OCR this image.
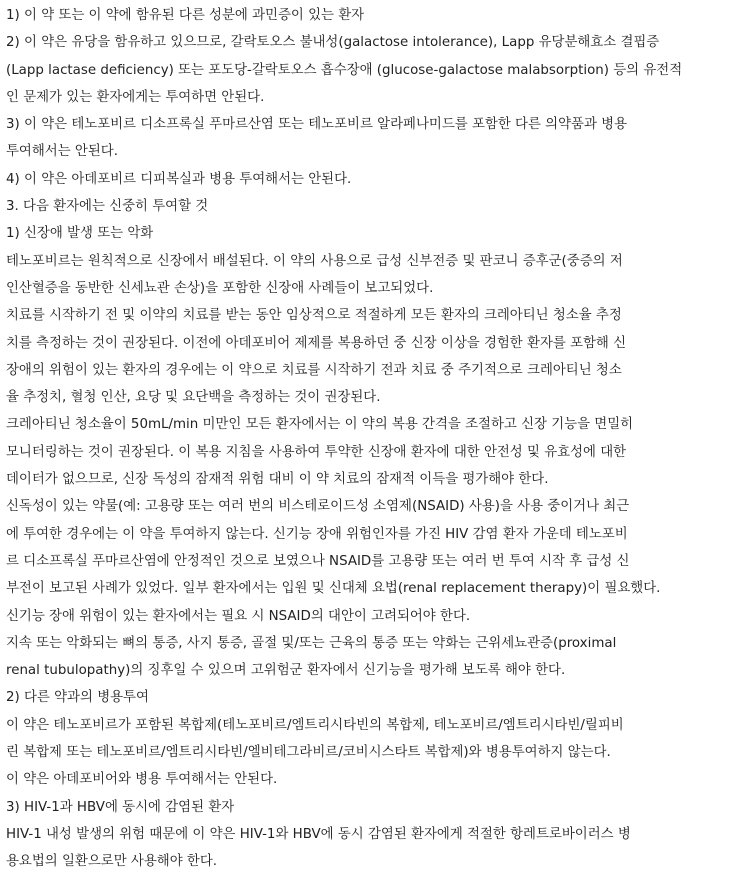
1) 이 약 또는 이 약에 함유된 다른 성분에 과민증이 있는 환자
2) 이 약은 유당을 함유하고 있으므로, 갈락토오스 불내성(galactose intolerance), Lapp 유당분해효소 결핍증
(Lapp lactase deficiency) 또는 포도당-갈락토오스 흡수장애 (glucose-galactose malabsorption) 등의 유전적
인 문제가 있는 환자에게는 투여하면 안된다.
3) 이 약은 테노포비르 디소프록실 푸마르산염 또는 테노포비르 알라페나미드를 포함한 다른 의약품과 병용
투여해서는 안된다.
4) 이 약은 아데포비르 디피복실과 병용 투여해서는 안된다.
3. 다음 환자에는 신중히 투여할 것
1) 신장애 발생 또는 악화
테노포비르는 원칙적으로 신장에서 배설된다. 이 약의 사용으로 급성 신부전증 및 판코니 증후군(중증의 저
인산혈증을 동반한 신세뇨관 손상)을 포함한 신장애 사례들이 보고되었다.
치료를 시작하기 전 및 이약의 치료를 받는 동안 임상적으로 적절하게 모든 환자의 크레아티닌 청소율 추정
치를 측정하는 것이 권장된다. 이전에 아데포비어 제제를 복용하던 중 신장 이상을 경험한 환자를 포함해 신
장애의 위험이 있는 환자의 경우에는 이 약으로 치료를 시작하기 전과 치료 중 주기적으로 크레아티닌 청소
율 추정치, 혈청 인산, 요당 및 요단백을 측정하는 것이 권장된다.
크레아티닌 청소율이 50mL/min 미만인 모든 환자에서는 이 약의 복용 간격을 조절하고 신장 기능을 면밀히
모니터링하는 것이 권장된다. 이 복용 지침을 사용하여 투약한 신장애 환자에 대한 안전성 및 유효성에 대한
데이터가 없으므로, 신장 독성의 잠재적 위험 대비 이 약 치료의 잠재적 이득을 평가해야 한다.
신독성이 있는 약물(예: 고용량 또는 여러 번의 비스테로이드성 소염제(NSAID) 사용)을 사용 중이거나 최근
에 투여한 경우에는 이 약을 투여하지 않는다. 신기능 장애 위험인자를 가진 HIV 감염 환자 가운데 테노포비
르 디소프록실 푸마르산염에 안정적인 것으로 보였으나 NSAID를 고용량 또는 여러 번 투여 시작 후 급성 신
부전이 보고된 사례가 있었다. 일부 환자에서는 입원 및 신대체 요법(renal replacement therapy)이 필요했다.
신기능 장애 위험이 있는 환자에서는 필요 시 NSAID의 대안이 고려되어야 한다.
지속 또는 악화되는 뼈의 통증, 사지 통증, 골절 및/또는 근육의 통증 또는 약화는 근위세뇨관증(proximal
renal tubulopathy)의 징후일 수 있으며 고위험군 환자에서 신기능을 평가해 보도록 해야 한다.
2) 다른 약과의 병용투여
이 약은 테노포비르가 포함된 복합제(테노포비르/엠트리시타빈의 복합제, 테노포비르/엠트리시타빈/릴피비
린 복합제 또는 테노포비르/엠트리시타빈/엘비테그라비르/코비시스타트 복합제)와 병용투여하지 않는다.
이 약은 아데포비어와 병용 투여해서는 안된다.
3) HIV-1과 HBV에 동시에 감염된 환자
HIV-1 내성 발생의 위험 때문에 이 약은 HIV-1와 HBV에 동시 감염된 환자에게 적절한 항레트로바이러스 병
용요법의 일환으로만 사용해야 한다.
